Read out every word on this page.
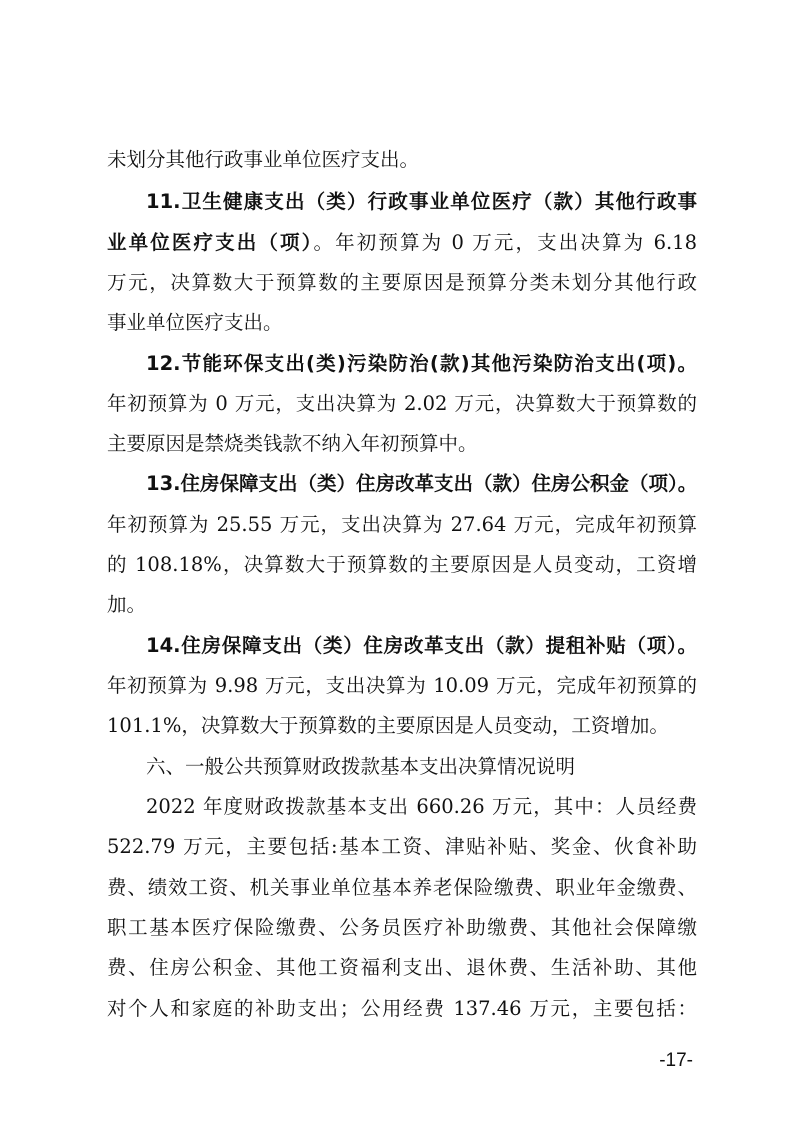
未划分其他行政事业单位医疗支出。
11.卫生健康支出（类）行政事业单位医疗（款）其他行政事
业单位医疗支出（项）。年初预算为 0 万元，支出决算为 6.18
万元，决算数大于预算数的主要原因是预算分类未划分其他行政
事业单位医疗支出。
12.节能环保支出(类)污染防治(款)其他污染防治支出(项)。
年初预算为 0 万元，支出决算为 2.02 万元，决算数大于预算数的
主要原因是禁烧类钱款不纳入年初预算中。
13.住房保障支出（类）住房改革支出（款）住房公积金（项）。
年初预算为 25.55 万元，支出决算为 27.64 万元，完成年初预算
的 108.18%，决算数大于预算数的主要原因是人员变动，工资增
加。
14.住房保障支出（类）住房改革支出（款）提租补贴（项）。
年初预算为 9.98 万元，支出决算为 10.09 万元，完成年初预算的
101.1%，决算数大于预算数的主要原因是人员变动，工资增加。
六、一般公共预算财政拨款基本支出决算情况说明
2022 年度财政拨款基本支出 660.26 万元，其中：人员经费
522.79 万元，主要包括:基本工资、津贴补贴、奖金、伙食补助
费、绩效工资、机关事业单位基本养老保险缴费、职业年金缴费、
职工基本医疗保险缴费、公务员医疗补助缴费、其他社会保障缴
费、住房公积金、其他工资福利支出、退休费、生活补助、其他
对个人和家庭的补助支出；公用经费 137.46 万元，主要包括：
-17-
